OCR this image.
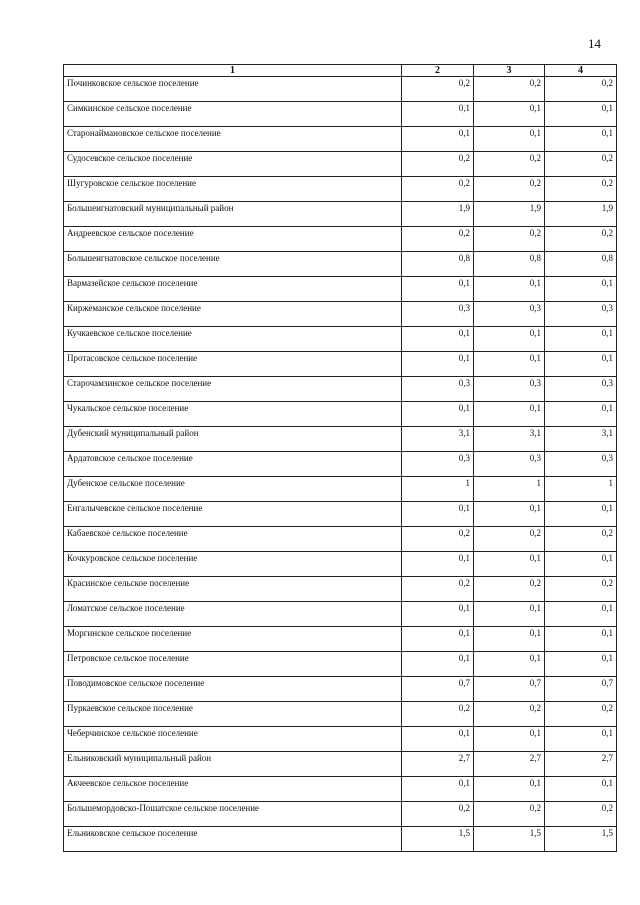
14
1	2	3	4
Починковское сельское поселение	0,2	0,2	0,2
Симкинское сельское поселение	0,1	0,1	0,1
Старонаймановское сельское поселение	0,1	0,1	0,1
Судосевское сельское поселение	0,2	0,2	0,2
Шугуровское сельское поселение	0,2	0,2	0,2
Большеигнатовский муниципальный район	1,9	1,9	1,9
Андреевское сельское поселение	0,2	0,2	0,2
Большеигнатовское сельское поселение	0,8	0,8	0,8
Вармазейское сельское поселение	0,1	0,1	0,1
Киржеманское сельское поселение	0,3	0,3	0,3
Кучкаевское сельское поселение	0,1	0,1	0,1
Протасовское сельское поселение	0,1	0,1	0,1
Старочамзинское сельское поселение	0,3	0,3	0,3
Чукальское сельское поселение	0,1	0,1	0,1
Дубенский муниципальный район	3,1	3,1	3,1
Ардатовское сельское поселение	0,3	0,3	0,3
Дубенское сельское поселение	1	1	1
Енгалычевское сельское поселение	0,1	0,1	0,1
Кабаевское сельское поселение	0,2	0,2	0,2
Кочкуровское сельское поселение	0,1	0,1	0,1
Красинское сельское поселение	0,2	0,2	0,2
Ломатское сельское поселение	0,1	0,1	0,1
Моргинское сельское поселение	0,1	0,1	0,1
Петровское сельское поселение	0,1	0,1	0,1
Поводимовское сельское поселение	0,7	0,7	0,7
Пуркаевское сельское поселение	0,2	0,2	0,2
Чеберчинское сельское поселение	0,1	0,1	0,1
Ельниковский муниципальный район	2,7	2,7	2,7
Акчеевское сельское поселение	0,1	0,1	0,1
Большемордовско-Пошатское сельское поселение	0,2	0,2	0,2
Ельниковское сельское поселение	1,5	1,5	1,5
